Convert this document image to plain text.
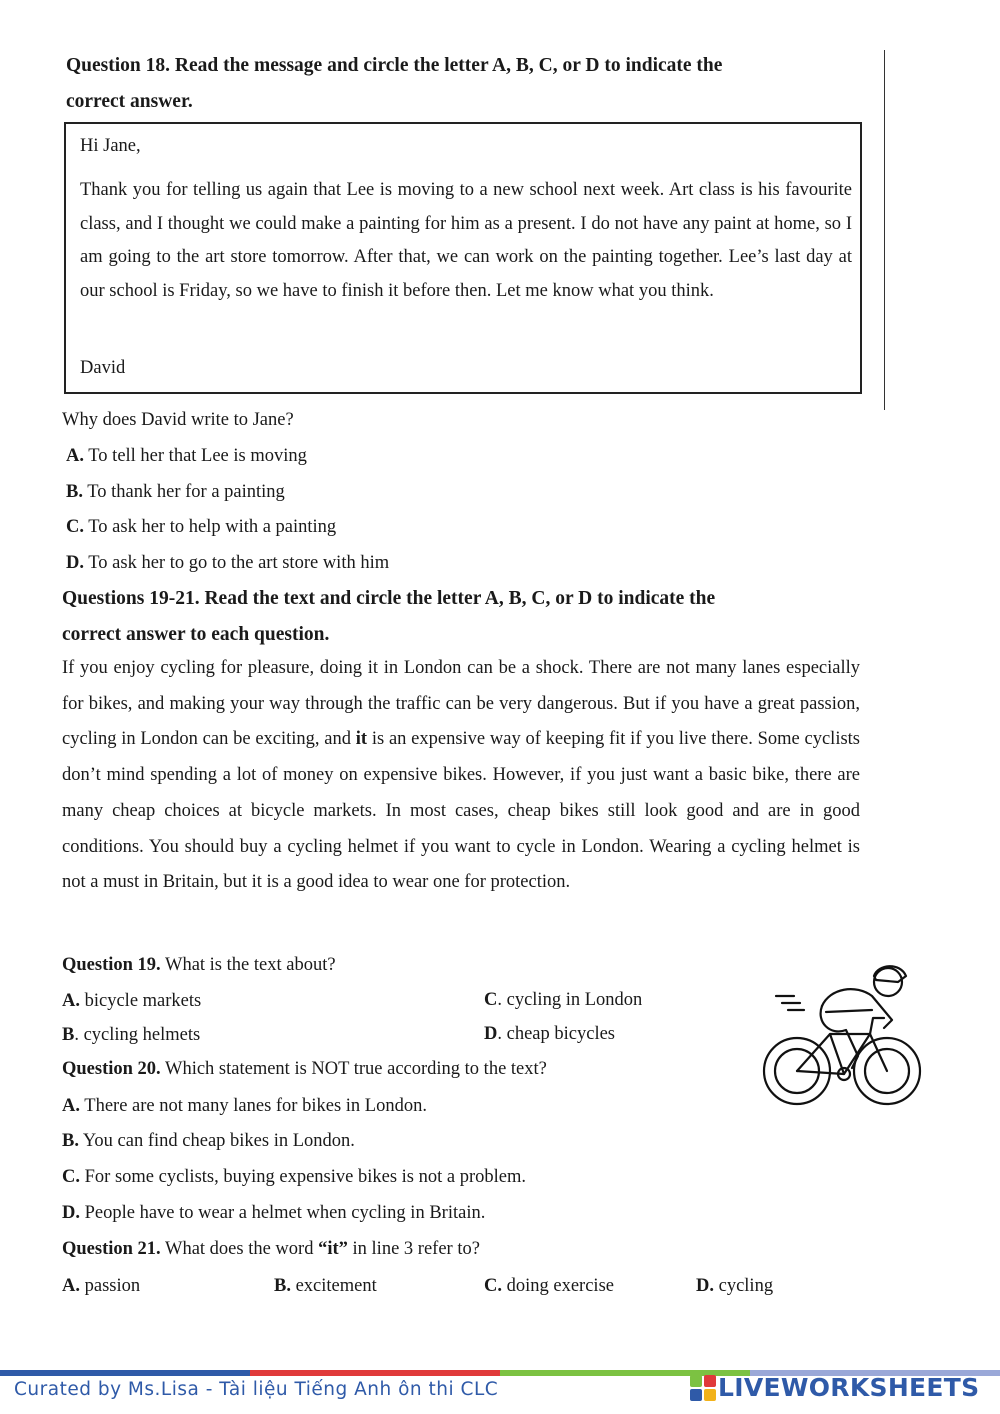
Question 18. Read the message and circle the letter A, B, C, or D to indicate the
correct answer.
Hi Jane,
Thank you for telling us again that Lee is moving to a new school next week. Art class is his favourite class, and I thought we could make a painting for him as a present. I do not have any paint at home, so I am going to the art store tomorrow. After that, we can work on the painting together. Lee’s last day at our school is Friday, so we have to finish it before then. Let me know what you think.
David
Why does David write to Jane?
A. To tell her that Lee is moving
B. To thank her for a painting
C. To ask her to help with a painting
D. To ask her to go to the art store with him
Questions 19-21. Read the text and circle the letter A, B, C, or D to indicate the
correct answer to each question.
If you enjoy cycling for pleasure, doing it in London can be a shock. There are not many lanes especially for bikes, and making your way through the traffic can be very dangerous. But if you have a great passion, cycling in London can be exciting, and it is an expensive way of keeping fit if you live there. Some cyclists don’t mind spending a lot of money on expensive bikes. However, if you just want a basic bike, there are many cheap choices at bicycle markets. In most cases, cheap bikes still look good and are in good conditions. You should buy a cycling helmet if you want to cycle in London. Wearing a cycling helmet is not a must in Britain, but it is a good idea to wear one for protection.
Question 19. What is the text about?
A. bicycle markets	C. cycling in London
B. cycling helmets	D. cheap bicycles
Question 20. Which statement is NOT true according to the text?
A. There are not many lanes for bikes in London.
B. You can find cheap bikes in London.
C. For some cyclists, buying expensive bikes is not a problem.
D. People have to wear a helmet when cycling in Britain.
Question 21. What does the word “it” in line 3 refer to?
A. passion	B. excitement	C. doing exercise	D. cycling
Curated by Ms.Lisa - Tài liệu Tiếng Anh ôn thi CLC	LIVEWORKSHEETS
